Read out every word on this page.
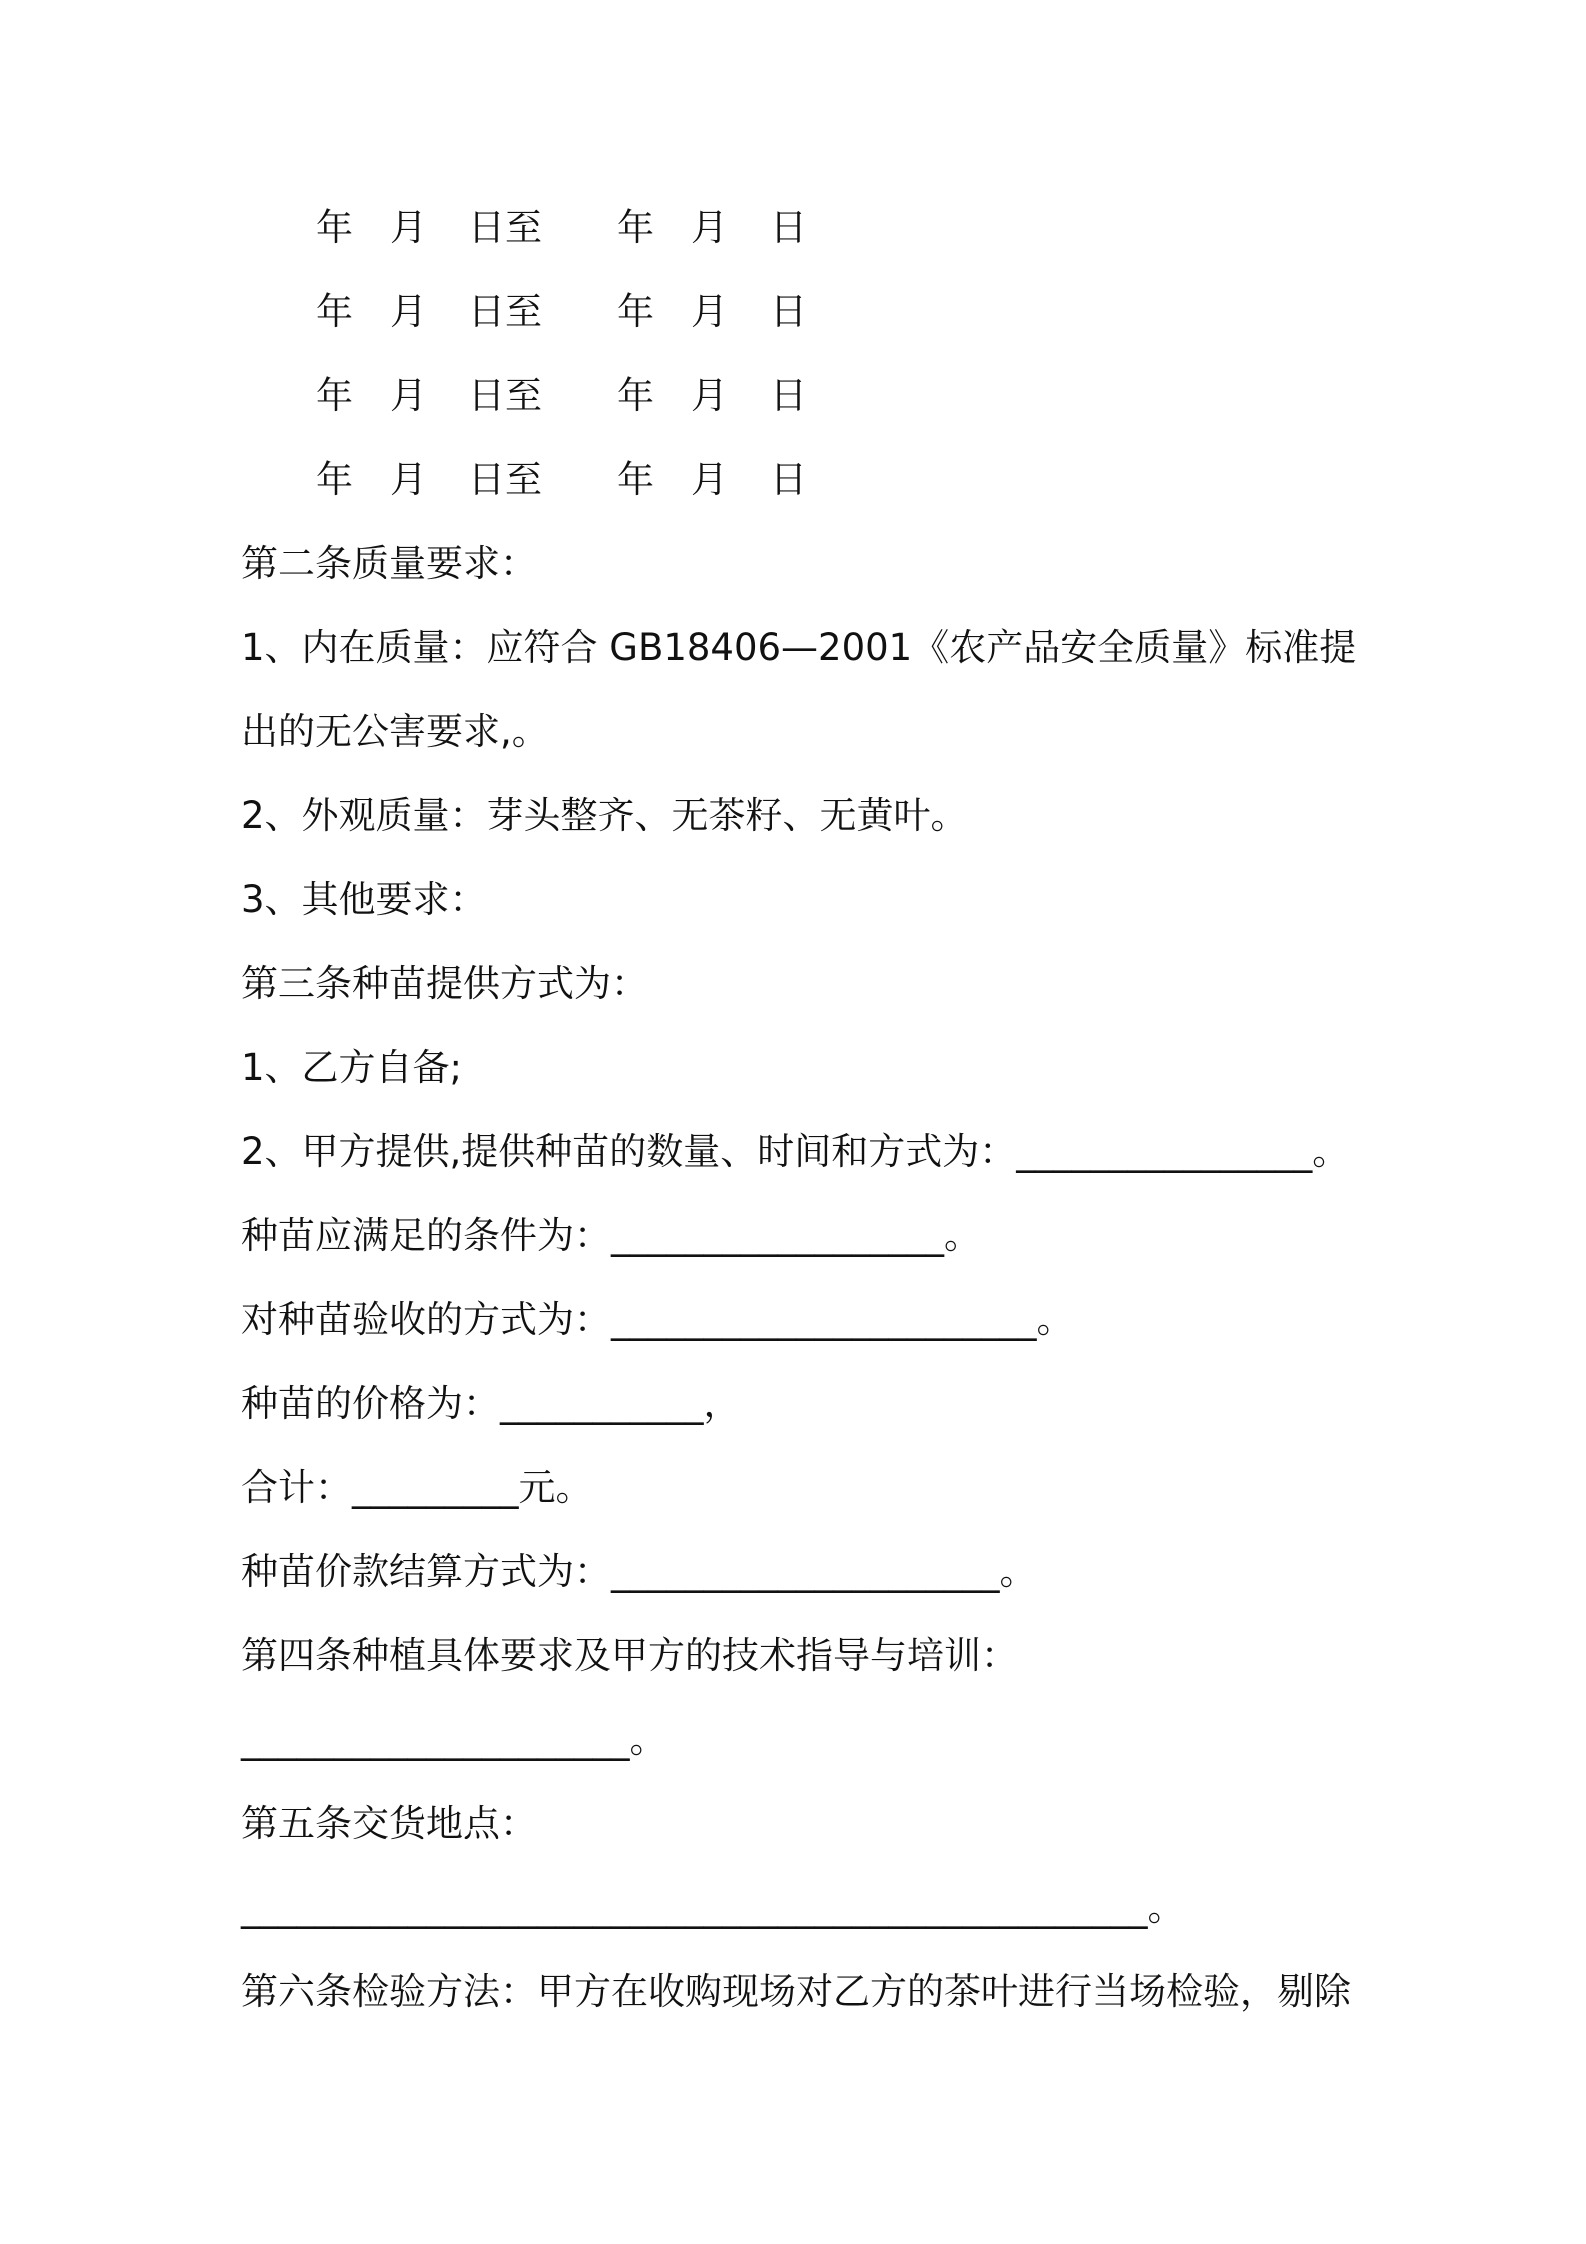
年 月 日至 年 月 日
年 月 日至 年 月 日
年 月 日至 年 月 日
年 月 日至 年 月 日
第二条质量要求：
1、内在质量：应符合 GB18406—2001《农产品安全质量》标准提
出的无公害要求,。
2、外观质量：芽头整齐、无茶籽、无黄叶。
3、其他要求：
第三条种苗提供方式为：
1、乙方自备;
2、甲方提供,提供种苗的数量、时间和方式为：________________。
种苗应满足的条件为：__________________。
对种苗验收的方式为：_______________________。
种苗的价格为：___________，
合计：_________元。
种苗价款结算方式为：_____________________。
第四条种植具体要求及甲方的技术指导与培训：
_____________________。
第五条交货地点：
_________________________________________________。
第六条检验方法：甲方在收购现场对乙方的茶叶进行当场检验，剔除
